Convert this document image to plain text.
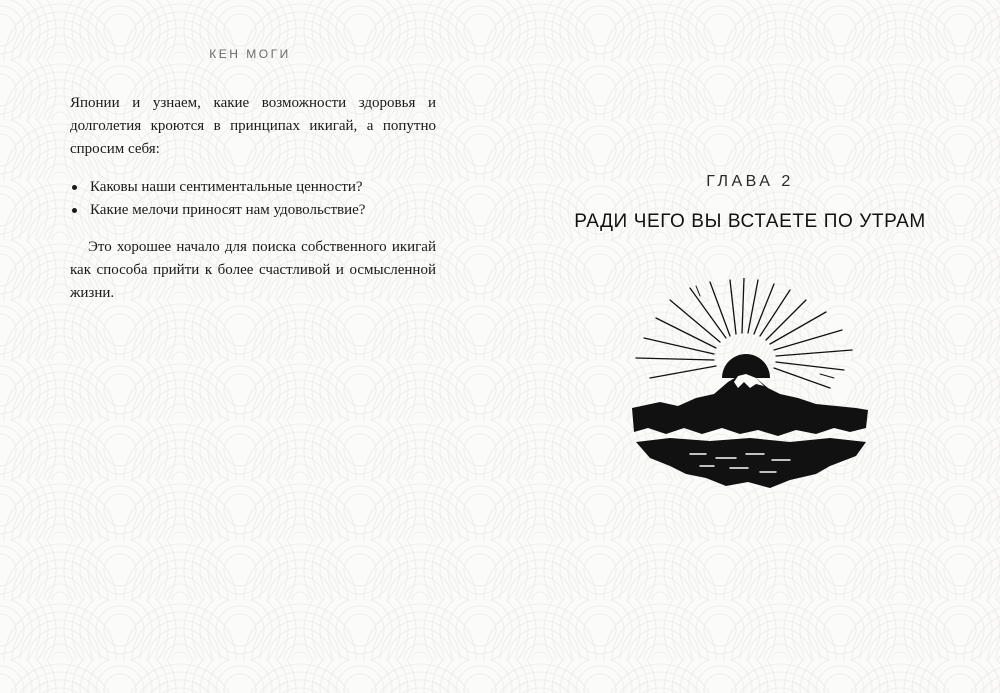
КЕН МОГИ

Японии и узнаем, какие возможности здоровья и долголетия кроются в принципах икигай, а попутно спросим себя:

Каковы наши сентиментальные ценности?
Какие мелочи приносят нам удовольствие?

Это хорошее начало для поиска собственного икигай как способа прийти к более счастливой и осмысленной жизни.

ГЛАВА 2
РАДИ ЧЕГО ВЫ ВСТАЕТЕ ПО УТРАМ
